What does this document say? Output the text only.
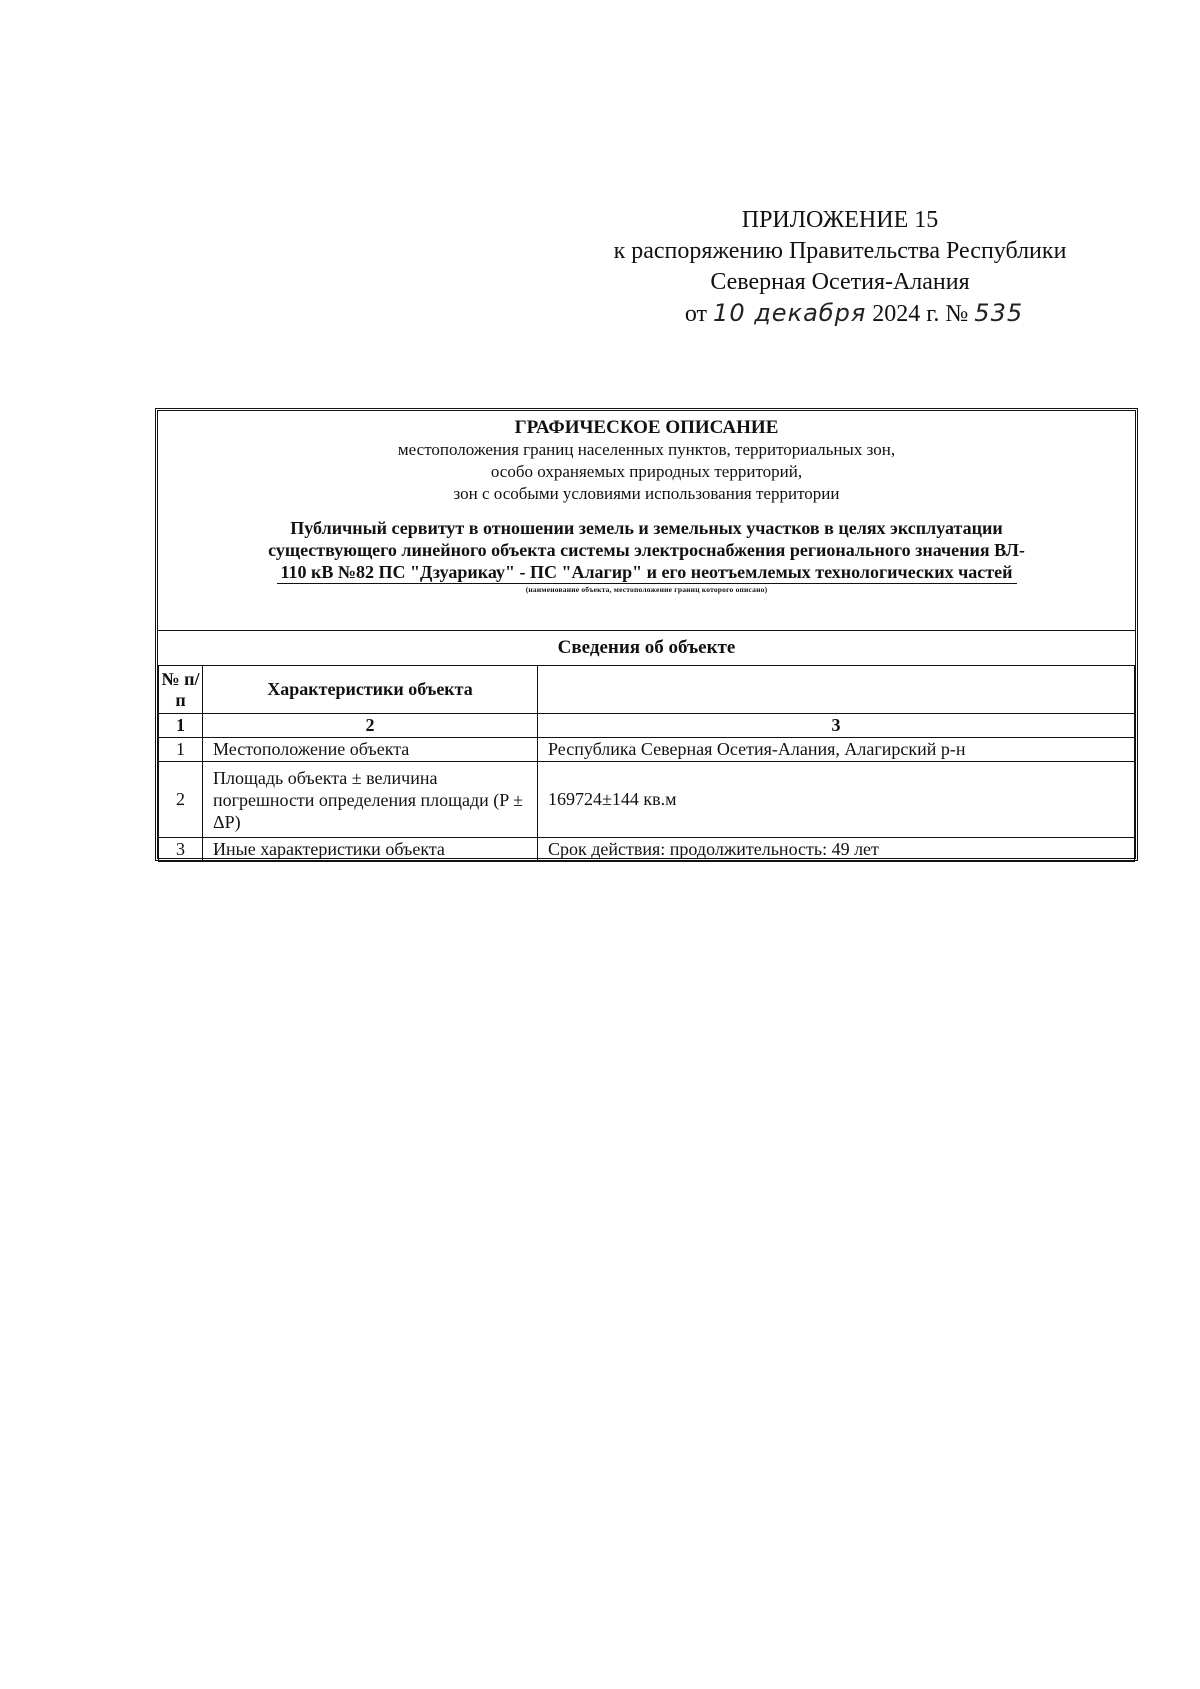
ПРИЛОЖЕНИЕ 15
к распоряжению Правительства Республики
Северная Осетия-Алания
от 10 декабря 2024 г. № 535
ГРАФИЧЕСКОЕ ОПИСАНИЕ
местоположения границ населенных пунктов, территориальных зон,
особо охраняемых природных территорий,
зон с особыми условиями использования территории
Публичный сервитут в отношении земель и земельных участков в целях эксплуатации
существующего линейного объекта системы электроснабжения регионального значения ВЛ-
110 кВ №82 ПС "Дзуарикау" - ПС "Алагир" и его неотъемлемых технологических частей
(наименование объекта, местоположение границ которого описано)
Сведения об объекте
№ п/п	Характеристики объекта	
1	2	3
1	Местоположение объекта	Республика Северная Осетия-Алания, Алагирский р-н
2	Площадь объекта ± величина погрешности определения площади (P ± ΔP)	169724±144 кв.м
3	Иные характеристики объекта	Срок действия: продолжительность: 49 лет
